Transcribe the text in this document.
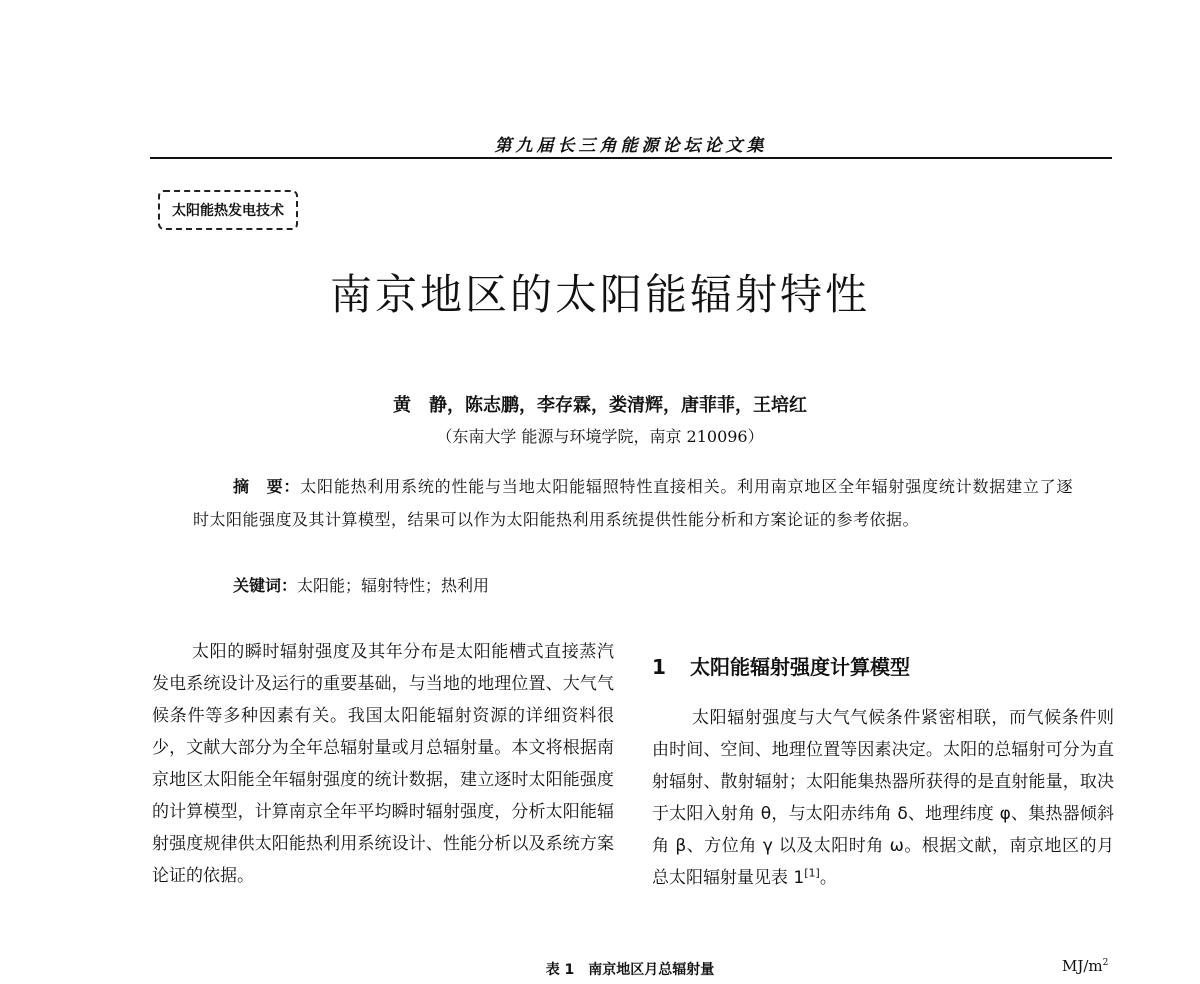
第九届长三角能源论坛论文集
太阳能热发电技术
南京地区的太阳能辐射特性
黄　静，陈志鹏，李存霖，娄清辉，唐菲菲，王培红
（东南大学 能源与环境学院，南京 210096）
摘　要：太阳能热利用系统的性能与当地太阳能辐照特性直接相关。利用南京地区全年辐射强度统计数据建立了逐时太阳能强度及其计算模型，结果可以作为太阳能热利用系统提供性能分析和方案论证的参考依据。
关键词：太阳能；辐射特性；热利用
太阳的瞬时辐射强度及其年分布是太阳能槽式直接蒸汽发电系统设计及运行的重要基础，与当地的地理位置、大气气候条件等多种因素有关。我国太阳能辐射资源的详细资料很少，文献大部分为全年总辐射量或月总辐射量。本文将根据南京地区太阳能全年辐射强度的统计数据，建立逐时太阳能强度的计算模型，计算南京全年平均瞬时辐射强度，分析太阳能辐射强度规律供太阳能热利用系统设计、性能分析以及系统方案论证的依据。
1 太阳能辐射强度计算模型
太阳辐射强度与大气气候条件紧密相联，而气候条件则由时间、空间、地理位置等因素决定。太阳的总辐射可分为直射辐射、散射辐射；太阳能集热器所获得的是直射能量，取决于太阳入射角 θ，与太阳赤纬角 δ、地理纬度 φ、集热器倾斜角 β、方位角 γ 以及太阳时角 ω。根据文献，南京地区的月总太阳辐射量见表 1[1]。
表 1　南京地区月总辐射量	$MJ/m^2$
